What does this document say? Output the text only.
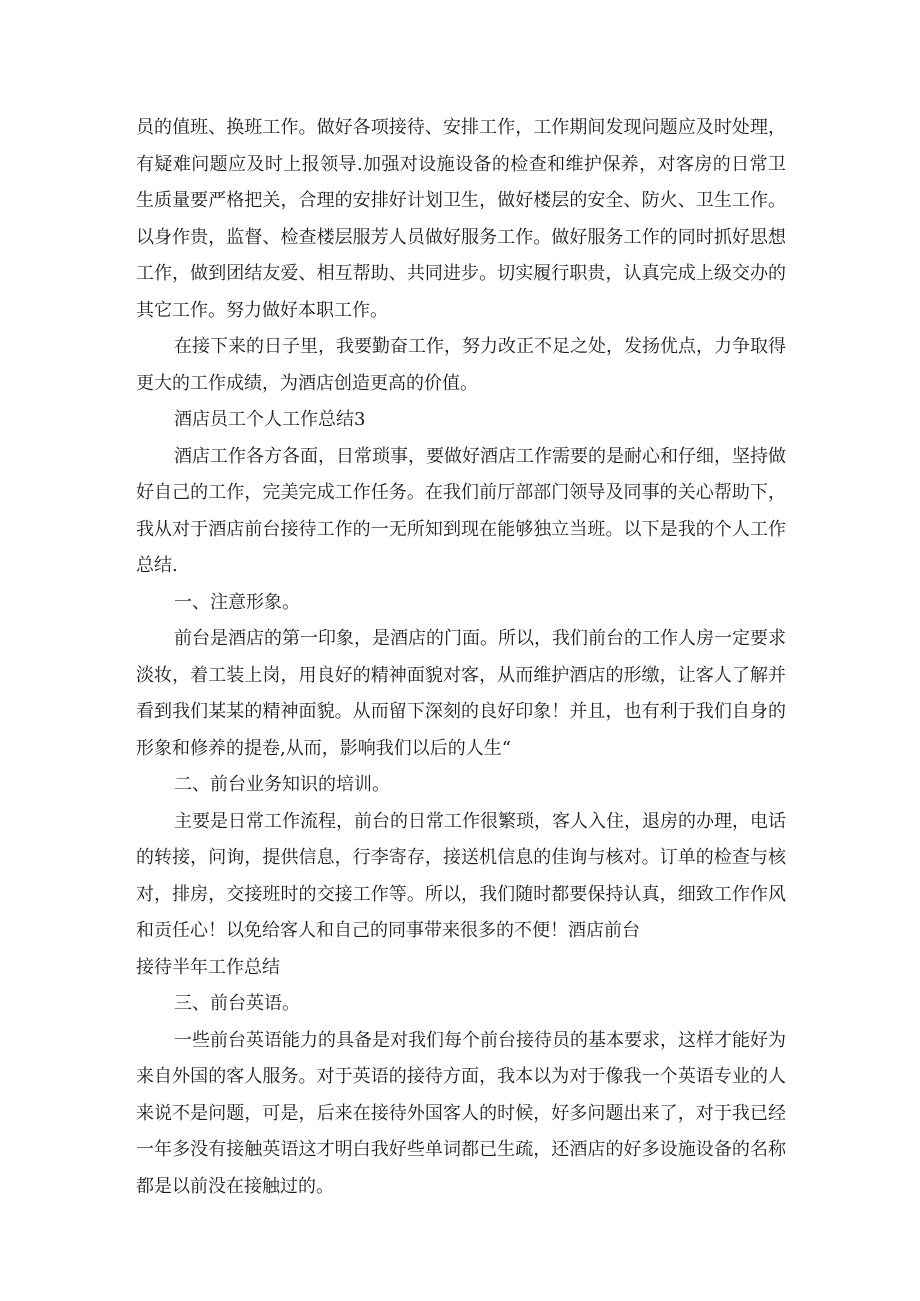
员的值班、换班工作。做好各项接待、安排工作，工作期间发现问题应及时处理，有疑难问题应及时上报领导.加强对设施设备的检查和维护保养，对客房的日常卫生质量要严格把关，合理的安排好计划卫生，做好楼层的安全、防火、卫生工作。以身作贵，监督、检查楼层服芳人员做好服务工作。做好服务工作的同时抓好思想工作，做到团结友爱、相互帮助、共同进步。切实履行职贵，认真完成上级交办的其它工作。努力做好本职工作。

在接下来的日子里，我要勤奋工作，努力改正不足之处，发扬优点，力争取得更大的工作成绩，为酒店创造更高的价值。

酒店员工个人工作总结3

酒店工作各方各面，日常琐事，要做好酒店工作需要的是耐心和仔细，坚持做好自己的工作，完美完成工作任务。在我们前厅部部门领导及同事的关心帮助下，我从对于酒店前台接待工作的一无所知到现在能够独立当班。以下是我的个人工作总结.

一、注意形象。

前台是酒店的第一印象，是酒店的门面。所以，我们前台的工作人房一定要求淡妆，着工装上岗，用良好的精神面貌对客，从而维护酒店的形缴，让客人了解并看到我们某某的精神面貌。从而留下深刻的良好印象！并且，也有利于我们自身的形象和修养的提卷,从而，影响我们以后的人生“

二、前台业务知识的培训。

主要是日常工作流程，前台的日常工作很繁琐，客人入住，退房的办理，电话的转接，问询，提供信息，行李寄存，接送机信息的佳询与核对。订单的检查与核对，排房，交接班时的交接工作等。所以，我们随时都要保持认真，细致工作作风和贡任心！以免给客人和自己的同事带来很多的不便！酒店前台

接待半年工作总结

三、前台英语。

一些前台英语能力的具备是对我们每个前台接待员的基本要求，这样才能好为来自外国的客人服务。对于英语的接待方面，我本以为对于像我一个英语专业的人来说不是问题，可是，后来在接待外国客人的时候，好多问题出来了，对于我已经一年多没有接触英语这才明白我好些单词都已生疏，还酒店的好多设施设备的名称都是以前没在接触过的。
